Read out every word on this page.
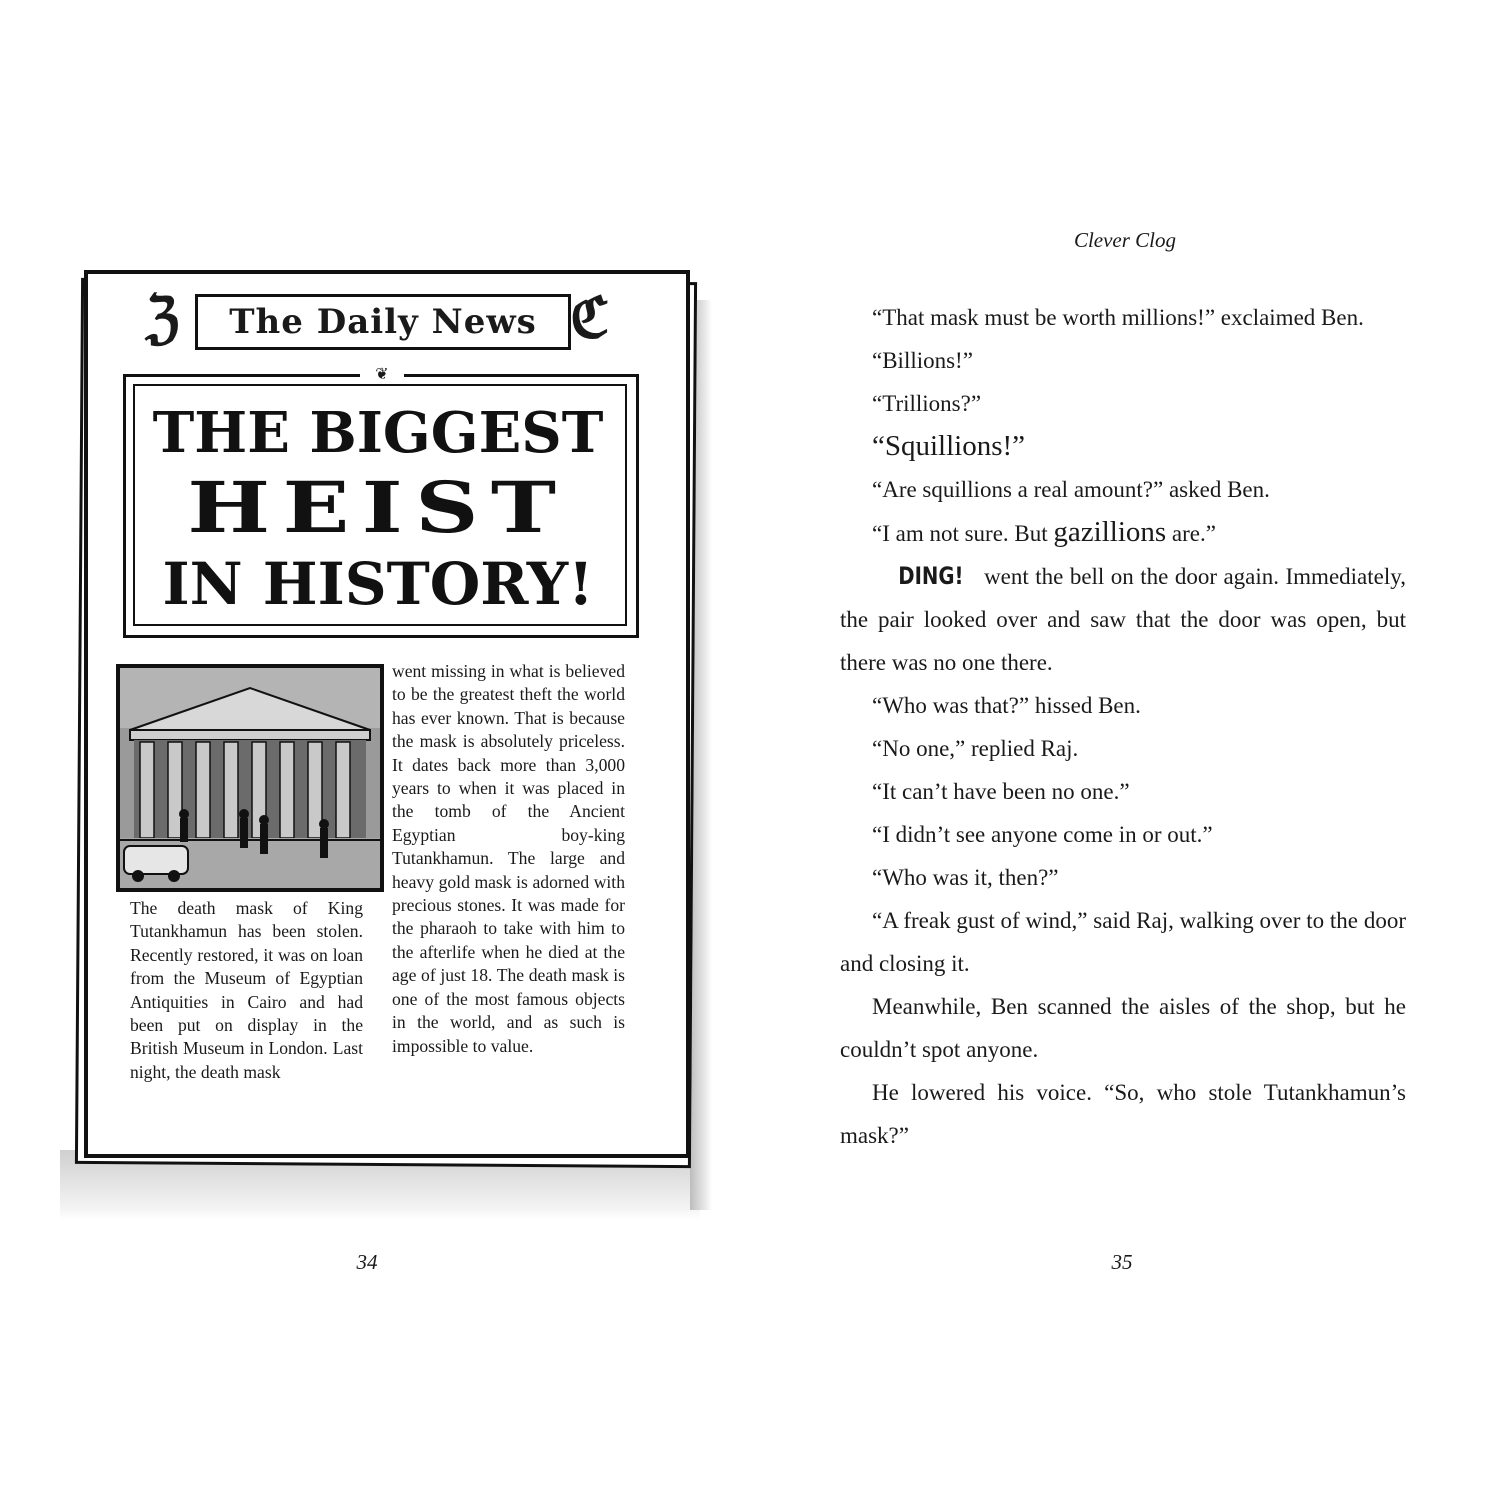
ℨ The Daily News ℭ
❦
THE BIGGEST
HEIST
IN HISTORY!

The death mask of King Tutankhamun has been stolen. Recently restored, it was on loan from the Museum of Egyptian Antiquities in Cairo and had been put on display in the British Museum in London. Last night, the death mask

went missing in what is believed to be the greatest theft the world has ever known. That is because the mask is absolutely priceless. It dates back more than 3,000 years to when it was placed in the tomb of the Ancient Egyptian boy-king Tutankhamun. The large and heavy gold mask is adorned with precious stones. It was made for the pharaoh to take with him to the afterlife when he died at the age of just 18. The death mask is one of the most famous objects in the world, and as such is impossible to value.

34
Clever Clog

“That mask must be worth millions!” exclaimed Ben.

“Billions!”

“Trillions?”

“Squillions!”

“Are squillions a real amount?” asked Ben.

“I am not sure. But gazillions are.”

DING! went the bell on the door again. Immediately, the pair looked over and saw that the door was open, but there was no one there.

“Who was that?” hissed Ben.

“No one,” replied Raj.

“It can’t have been no one.”

“I didn’t see anyone come in or out.”

“Who was it, then?”

“A freak gust of wind,” said Raj, walking over to the door and closing it.

Meanwhile, Ben scanned the aisles of the shop, but he couldn’t spot anyone.

He lowered his voice. “So, who stole Tutankhamun’s mask?”

35
